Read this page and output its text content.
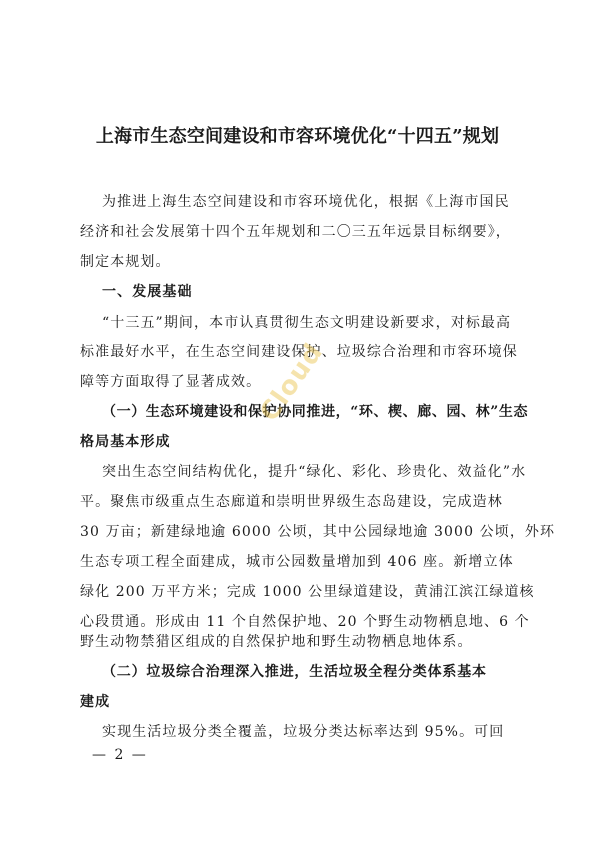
上海市生态空间建设和市容环境优化“十四五”规划
为推进上海生态空间建设和市容环境优化，根据《上海市国民
经济和社会发展第十四个五年规划和二〇三五年远景目标纲要》，
制定本规划。
一、发展基础
“十三五”期间，本市认真贯彻生态文明建设新要求，对标最高
标准最好水平，在生态空间建设保护、垃圾综合治理和市容环境保
障等方面取得了显著成效。
（一）生态环境建设和保护协同推进，“环、楔、廊、园、林”生态
格局基本形成
突出生态空间结构优化，提升“绿化、彩化、珍贵化、效益化”水
平。聚焦市级重点生态廊道和崇明世界级生态岛建设，完成造林
30 万亩；新建绿地逾 6000 公顷，其中公园绿地逾 3000 公顷，外环
生态专项工程全面建成，城市公园数量增加到 406 座。新增立体
绿化 200 万平方米；完成 1000 公里绿道建设，黄浦江滨江绿道核
心段贯通。形成由 11 个自然保护地、20 个野生动物栖息地、6 个
野生动物禁猎区组成的自然保护地和野生动物栖息地体系。
（二）垃圾综合治理深入推进，生活垃圾全程分类体系基本
建成
实现生活垃圾分类全覆盖，垃圾分类达标率达到 95%。可回
— 2 —
Cloud
